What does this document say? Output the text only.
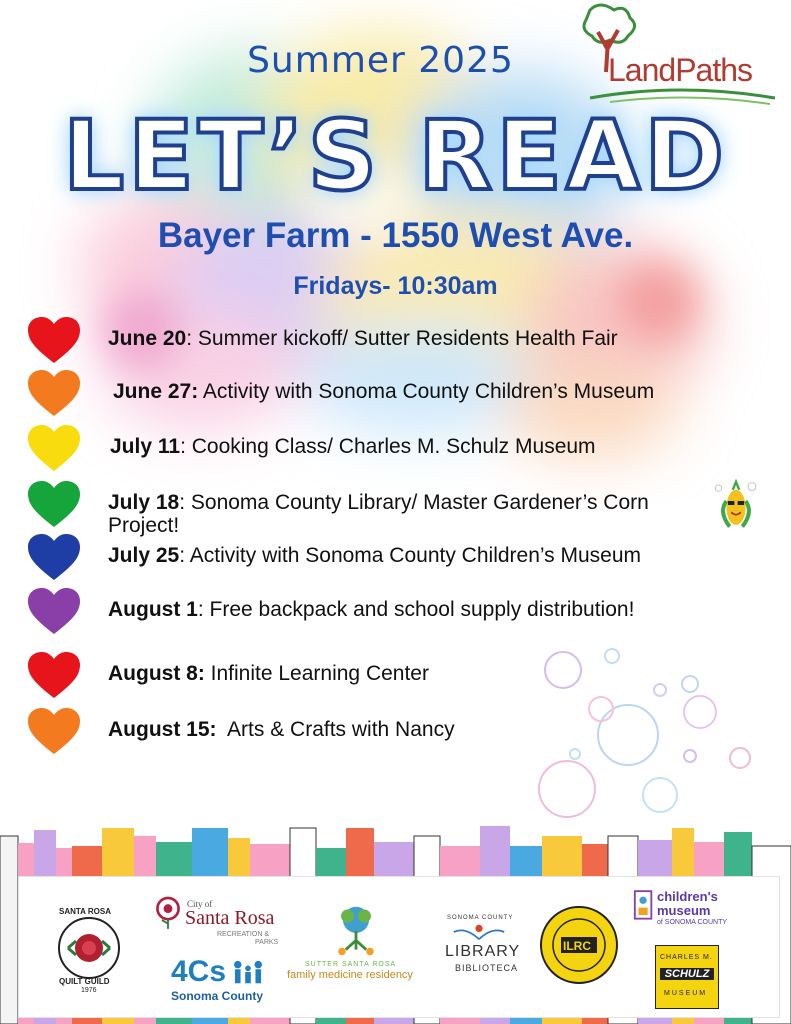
LandPaths
Summer 2025
LET’S READ
Bayer Farm - 1550 West Ave.
Fridays- 10:30am
June 20: Summer kickoff/ Sutter Residents Health Fair
June 27: Activity with Sonoma County Children’s Museum
July 11: Cooking Class/ Charles M. Schulz Museum
July 18: Sonoma County Library/ Master Gardener’s Corn Project!
July 25: Activity with Sonoma County Children’s Museum
August 1: Free backpack and school supply distribution!
August 8: Infinite Learning Center
August 15: Arts & Crafts with Nancy
SANTA ROSA
QUILT GUILD
1976
City of
Santa Rosa
RECREATION &
PARKS
4Cs
Sonoma County
SUTTER SANTA ROSA
family medicine residency
SONOMA COUNTY
LIBRARY
BIBLIOTECA
ILRC
children's
museum
of SONOMA COUNTY
CHARLES M.
SCHULZ
MUSEUM
